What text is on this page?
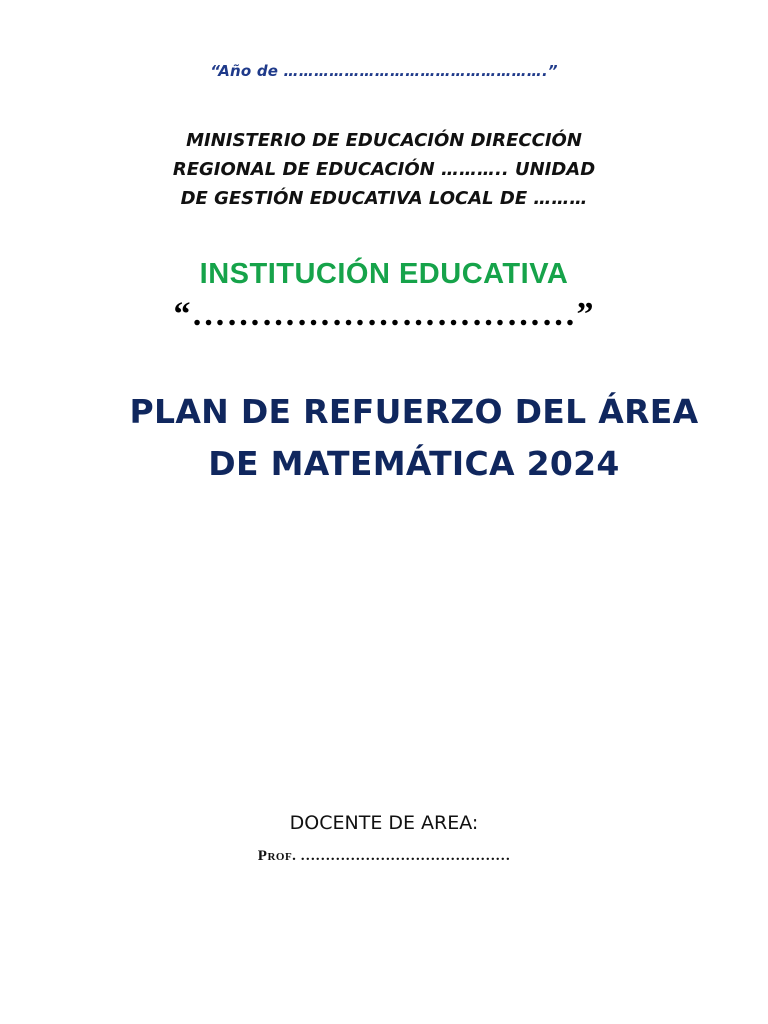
“Año de …………………………………………….”
MINISTERIO DE EDUCACIÓN DIRECCIÓN
REGIONAL DE EDUCACIÓN ……….. UNIDAD
DE GESTIÓN EDUCATIVA LOCAL DE ………
INSTITUCIÓN EDUCATIVA
“……………………………”
PLAN DE REFUERZO DEL ÁREA
DE MATEMÁTICA 2024
DOCENTE DE AREA:
Prof. ……………………………………
